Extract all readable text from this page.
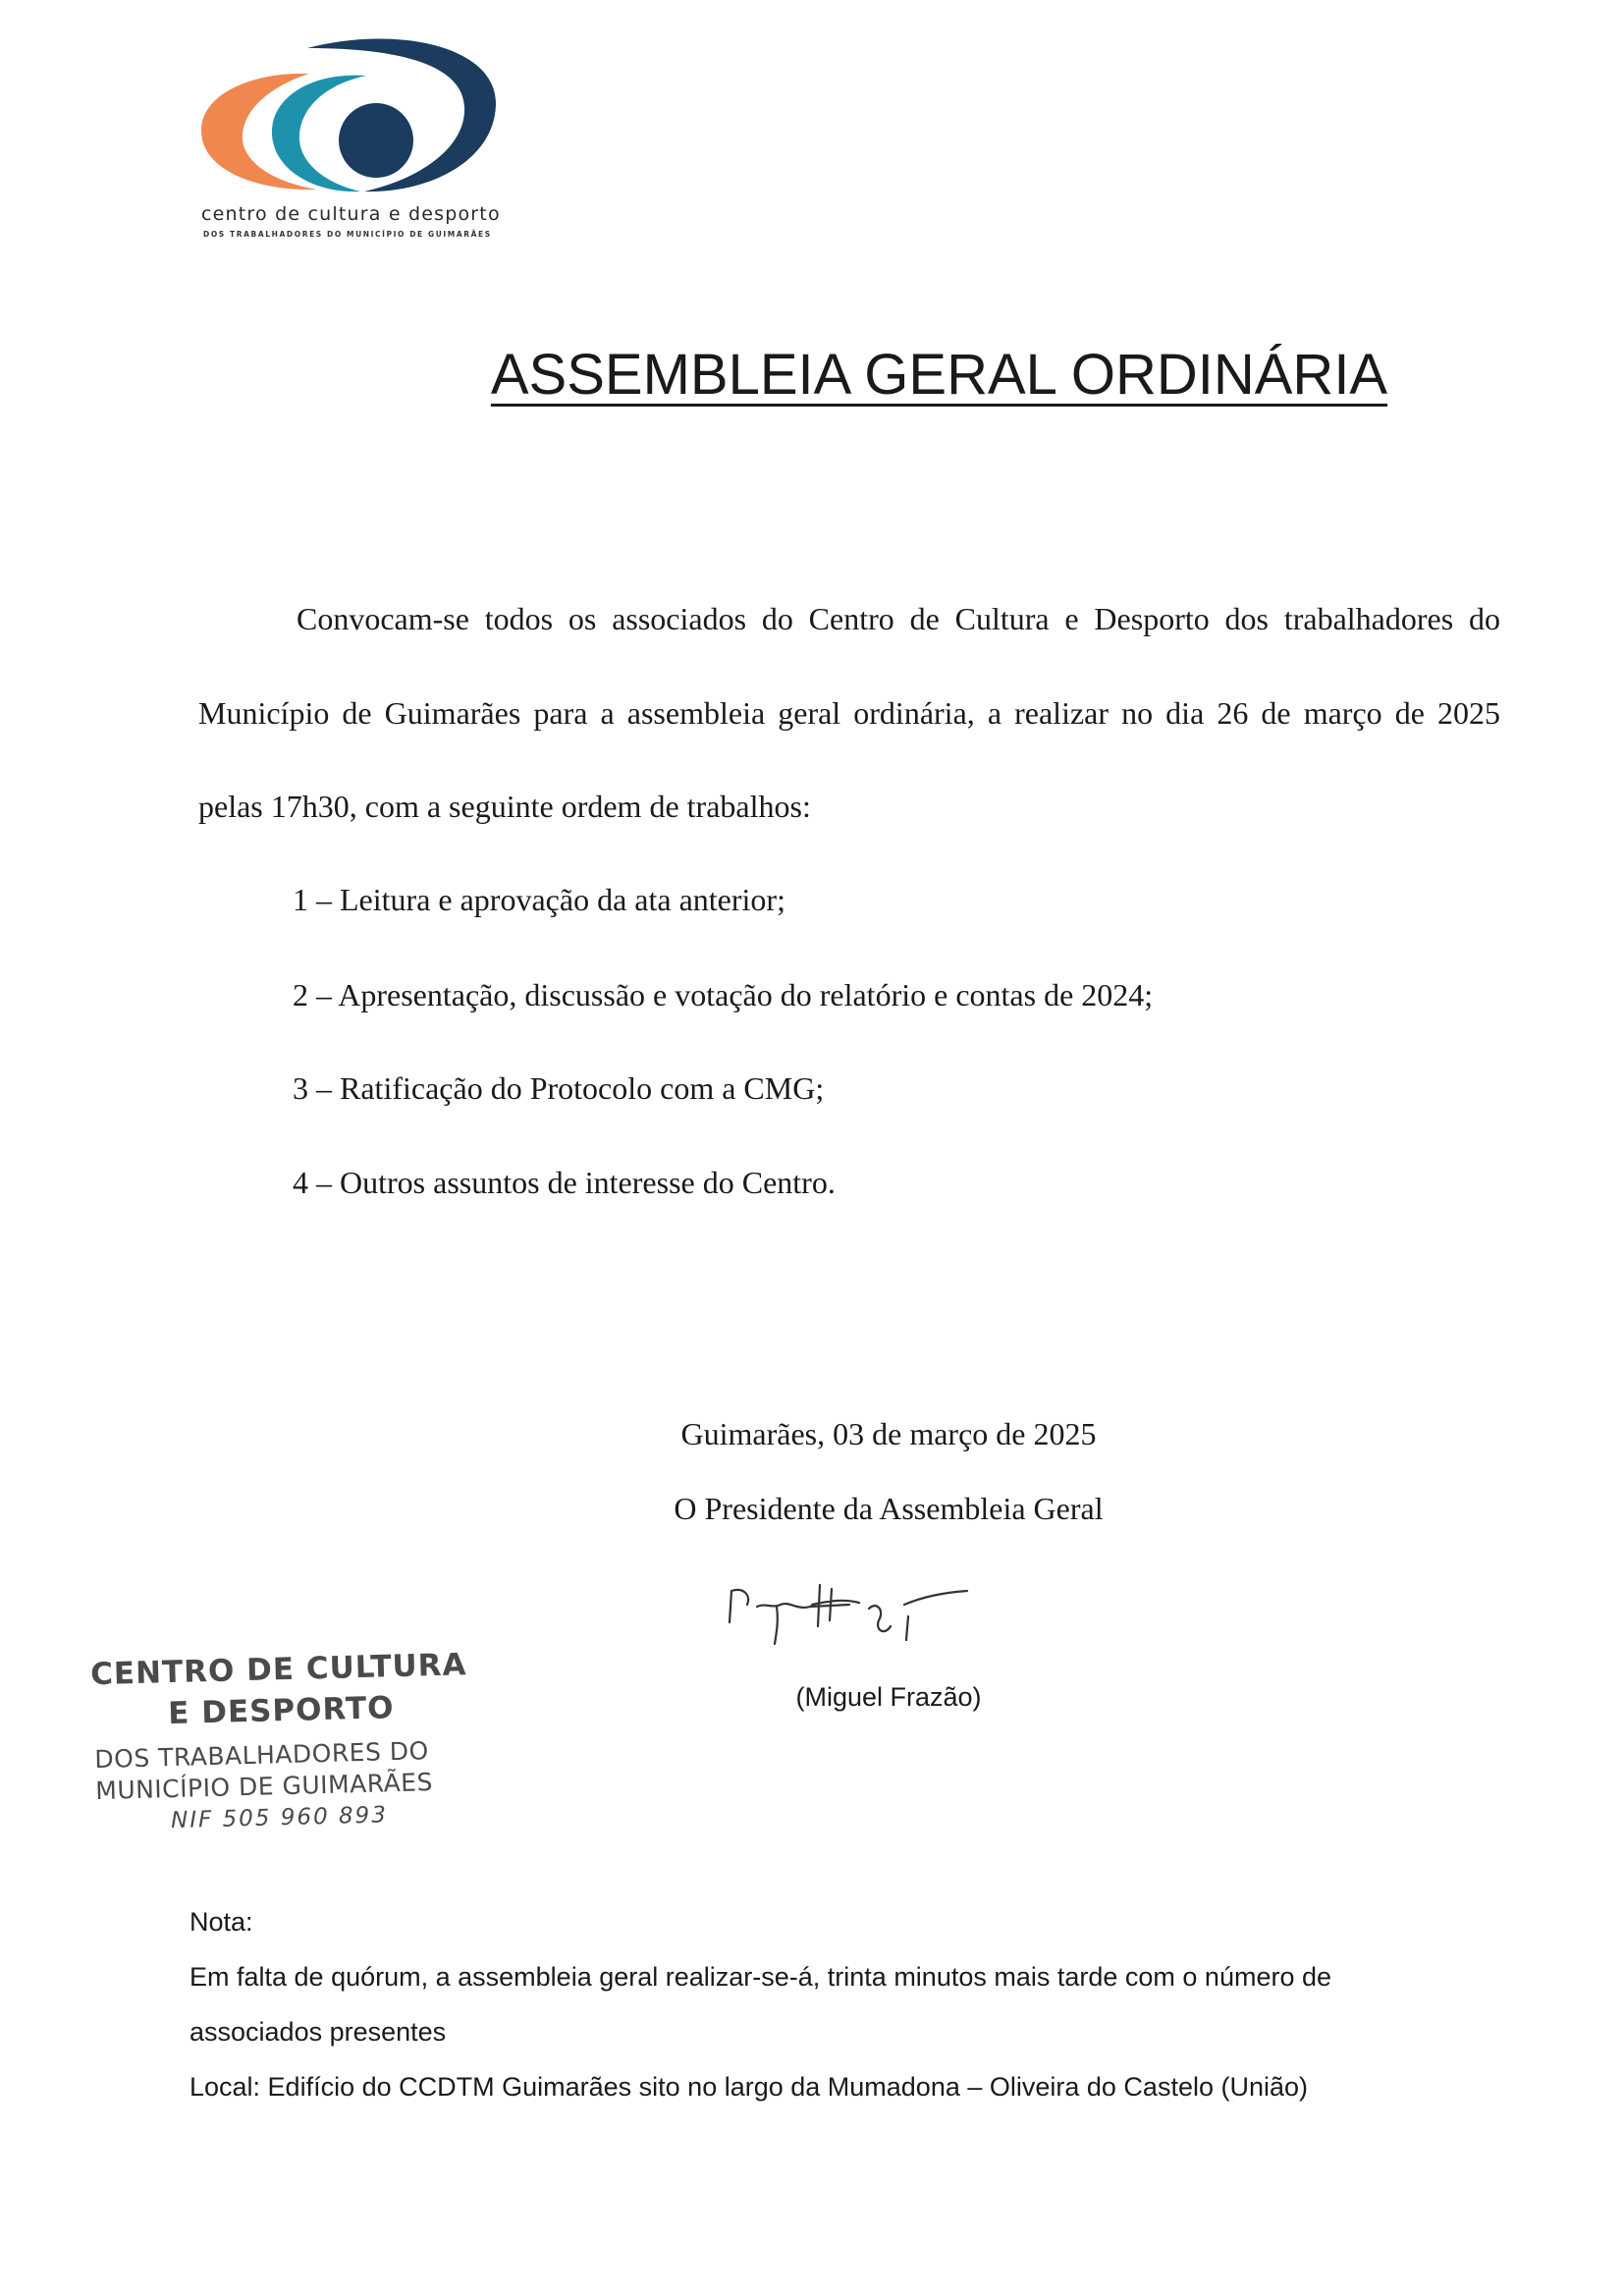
centro de cultura e desporto
DOS TRABALHADORES DO MUNICÍPIO DE GUIMARÃES
ASSEMBLEIA GERAL ORDINÁRIA
Convocam-se todos os associados do Centro de Cultura e Desporto dos trabalhadores do
Município de Guimarães para a assembleia geral ordinária, a realizar no dia 26 de março de 2025
pelas 17h30, com a seguinte ordem de trabalhos:
1 – Leitura e aprovação da ata anterior;
2 – Apresentação, discussão e votação do relatório e contas de 2024;
3 – Ratificação do Protocolo com a CMG;
4 – Outros assuntos de interesse do Centro.
Guimarães, 03 de março de 2025
O Presidente da Assembleia Geral
(Miguel Frazão)
CENTRO DE CULTURA
E DESPORTO
DOS TRABALHADORES DO
MUNICÍPIO DE GUIMARÃES
NIF 505 960 893
Nota:
Em falta de quórum, a assembleia geral realizar-se-á, trinta minutos mais tarde com o número de
associados presentes
Local: Edifício do CCDTM Guimarães sito no largo da Mumadona – Oliveira do Castelo (União)
